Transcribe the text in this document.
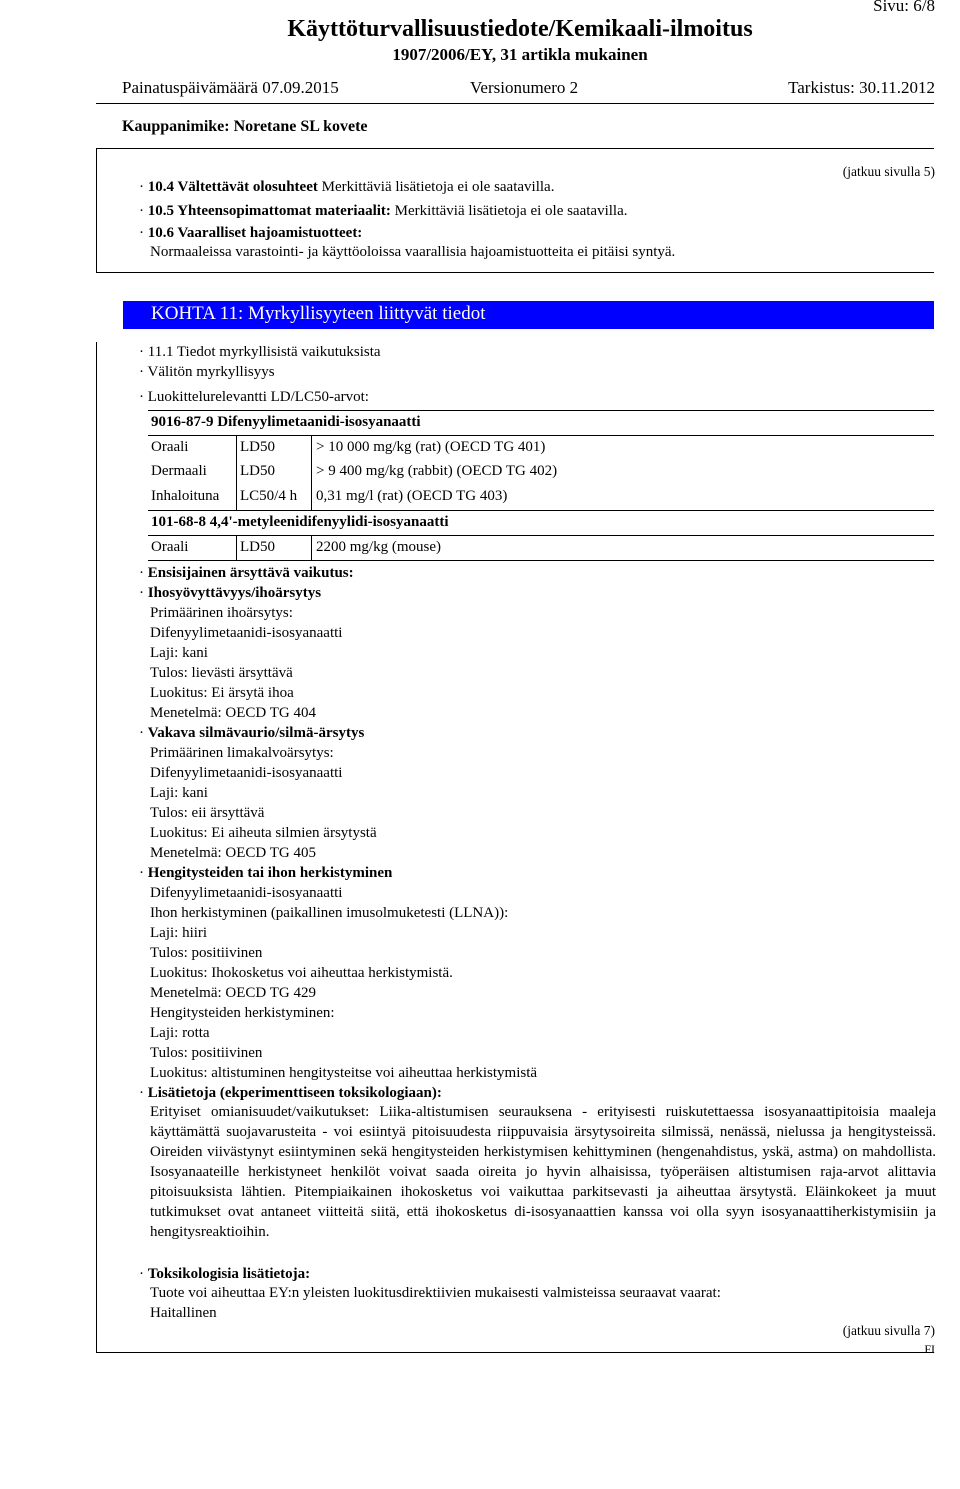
Sivu: 6/8
Käyttöturvallisuustiedote/Kemikaali-ilmoitus
1907/2006/EY, 31 artikla mukainen
Painatuspäivämäärä 07.09.2015	Versionumero 2	Tarkistus: 30.11.2012
Kauppanimike: Noretane SL kovete
(jatkuu sivulla 5)
· 10.4 Vältettävät olosuhteet Merkittäviä lisätietoja ei ole saatavilla.
· 10.5 Yhteensopimattomat materiaalit: Merkittäviä lisätietoja ei ole saatavilla.
· 10.6 Vaaralliset hajoamistuotteet:
Normaaleissa varastointi- ja käyttöoloissa vaarallisia hajoamistuotteita ei pitäisi syntyä.
KOHTA 11: Myrkyllisyyteen liittyvät tiedot
· 11.1 Tiedot myrkyllisistä vaikutuksista
· Välitön myrkyllisyys
· Luokittelurelevantti LD/LC50-arvot:
9016-87-9 Difenyylimetaanidi-isosyanaatti
Oraali	LD50	> 10 000 mg/kg (rat) (OECD TG 401)
Dermaali LD50	> 9 400 mg/kg (rabbit) (OECD TG 402)
Inhaloituna LC50/4 h 0,31 mg/l (rat) (OECD TG 403)
101-68-8 4,4'-metyleenidifenyylidi-isosyanaatti
Oraali	LD50	2200 mg/kg (mouse)
· Ensisijainen ärsyttävä vaikutus:
· Ihosyövyttävyys/ihoärsytys
Primäärinen ihoärsytys:
Difenyylimetaanidi-isosyanaatti
Laji: kani
Tulos: lievästi ärsyttävä
Luokitus: Ei ärsytä ihoa
Menetelmä: OECD TG 404
· Vakava silmävaurio/silmä-ärsytys
Primäärinen limakalvoärsytys:
Difenyylimetaanidi-isosyanaatti
Laji: kani
Tulos: eii ärsyttävä
Luokitus: Ei aiheuta silmien ärsytystä
Menetelmä: OECD TG 405
· Hengitysteiden tai ihon herkistyminen
Difenyylimetaanidi-isosyanaatti
Ihon herkistyminen (paikallinen imusolmuketesti (LLNA)):
Laji: hiiri
Tulos: positiivinen
Luokitus: Ihokosketus voi aiheuttaa herkistymistä.
Menetelmä: OECD TG 429
Hengitysteiden herkistyminen:
Laji: rotta
Tulos: positiivinen
Luokitus: altistuminen hengitysteitse voi aiheuttaa herkistymistä
· Lisätietoja (ekperimenttiseen toksikologiaan):
Erityiset omianisuudet/vaikutukset: Liika-altistumisen seurauksena - erityisesti ruiskutettaessa isosyanaattipitoisia maaleja käyttämättä suojavarusteita - voi esiintyä pitoisuudesta riippuvaisia ärsytysoireita silmissä, nenässä, nielussa ja hengitysteissä. Oireiden viivästynyt esiintyminen sekä hengitysteiden herkistymisen kehittyminen (hengenahdistus, yskä, astma) on mahdollista. Isosyanaateille herkistyneet henkilöt voivat saada oireita jo hyvin alhaisissa, työperäisen altistumisen raja-arvot alittavia pitoisuuksista lähtien. Pitempiaikainen ihokosketus voi vaikuttaa parkitsevasti ja aiheuttaa ärsytystä. Eläinkokeet ja muut tutkimukset ovat antaneet viitteitä siitä, että ihokosketus di-isosyanaattien kanssa voi olla syyn isosyanaattiherkistymisiin ja hengitysreaktioihin.
· Toksikologisia lisätietoja:
Tuote voi aiheuttaa EY:n yleisten luokitusdirektiivien mukaisesti valmisteissa seuraavat vaarat:
Haitallinen
(jatkuu sivulla 7)
FI
